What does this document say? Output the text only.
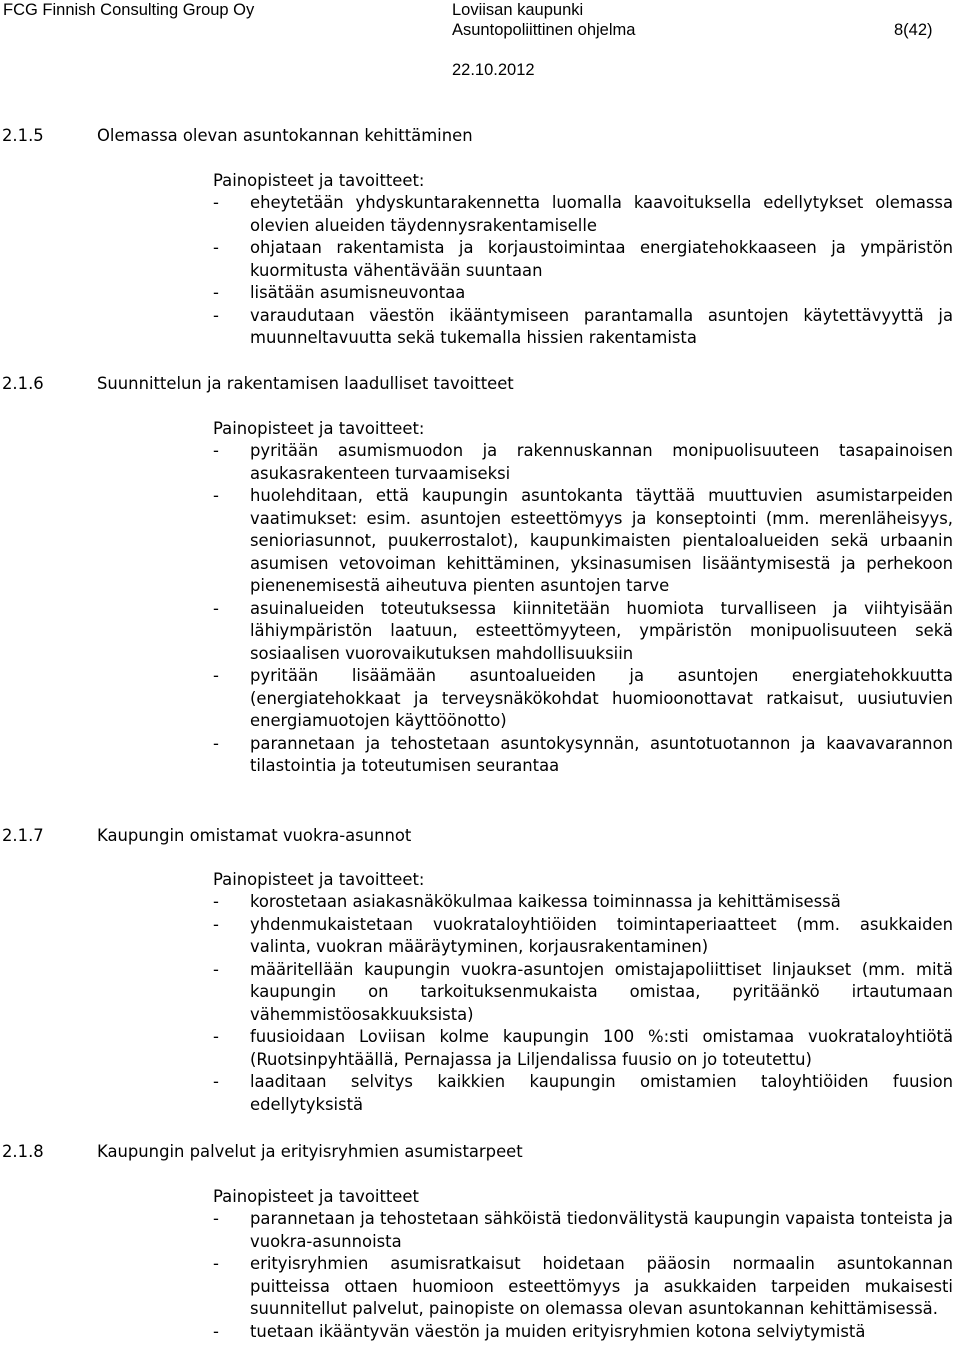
FCG Finnish Consulting Group Oy	Loviisan kaupunki
Asuntopoliittinen ohjelma	8(42)
22.10.2012
2.1.5	Olemassa olevan asuntokannan kehittäminen
Painopisteet ja tavoitteet:
- eheytetään yhdyskuntarakennetta luomalla kaavoituksella edellytykset olemassa olevien alueiden täydennysrakentamiselle
- ohjataan rakentamista ja korjaustoimintaa energiatehokkaaseen ja ympäristön kuormitusta vähentävään suuntaan
- lisätään asumisneuvontaa
- varaudutaan väestön ikääntymiseen parantamalla asuntojen käytettävyyttä ja muunneltavuutta sekä tukemalla hissien rakentamista
2.1.6	Suunnittelun ja rakentamisen laadulliset tavoitteet
Painopisteet ja tavoitteet:
- pyritään asumismuodon ja rakennuskannan monipuolisuuteen tasapainoisen asukasrakenteen turvaamiseksi
- huolehditaan, että kaupungin asuntokanta täyttää muuttuvien asumistarpeiden vaatimukset: esim. asuntojen esteettömyys ja konseptointi (mm. merenläheisyys, senioriasunnot, puukerrostalot), kaupunkimaisten pientaloalueiden sekä urbaanin asumisen vetovoiman kehittäminen, yksinasumisen lisääntymisestä ja perhekoon pienenemisestä aiheutuva pienten asuntojen tarve
- asuinalueiden toteutuksessa kiinnitetään huomiota turvalliseen ja viihtyisään lähiympäristön laatuun, esteettömyyteen, ympäristön monipuolisuuteen sekä sosiaalisen vuorovaikutuksen mahdollisuuksiin
- pyritään lisäämään asuntoalueiden ja asuntojen energiatehokkuutta (energiatehokkaat ja terveysnäkökohdat huomioonottavat ratkaisut, uusiutuvien energiamuotojen käyttöönotto)
- parannetaan ja tehostetaan asuntokysynnän, asuntotuotannon ja kaavavarannon tilastointia ja toteutumisen seurantaa
2.1.7	Kaupungin omistamat vuokra-asunnot
Painopisteet ja tavoitteet:
- korostetaan asiakasnäkökulmaa kaikessa toiminnassa ja kehittämisessä
- yhdenmukaistetaan vuokrataloyhtiöiden toimintaperiaatteet (mm. asukkaiden valinta, vuokran määräytyminen, korjausrakentaminen)
- määritellään kaupungin vuokra-asuntojen omistajapoliittiset linjaukset (mm. mitä kaupungin on tarkoituksenmukaista omistaa, pyritäänkö irtautumaan vähemmistöosakkuuksista)
- fuusioidaan Loviisan kolme kaupungin 100 %:sti omistamaa vuokrataloyhtiötä (Ruotsinpyhtäällä, Pernajassa ja Liljendalissa fuusio on jo toteutettu)
- laaditaan selvitys kaikkien kaupungin omistamien taloyhtiöiden fuusion edellytyksistä
2.1.8	Kaupungin palvelut ja erityisryhmien asumistarpeet
Painopisteet ja tavoitteet
- parannetaan ja tehostetaan sähköistä tiedonvälitystä kaupungin vapaista tonteista ja vuokra-asunnoista
- erityisryhmien asumisratkaisut hoidetaan pääosin normaalin asuntokannan puitteissa ottaen huomioon esteettömyys ja asukkaiden tarpeiden mukaisesti suunnitellut palvelut, painopiste on olemassa olevan asuntokannan kehittämisessä.
- tuetaan ikääntyvän väestön ja muiden erityisryhmien kotona selviytymistä
